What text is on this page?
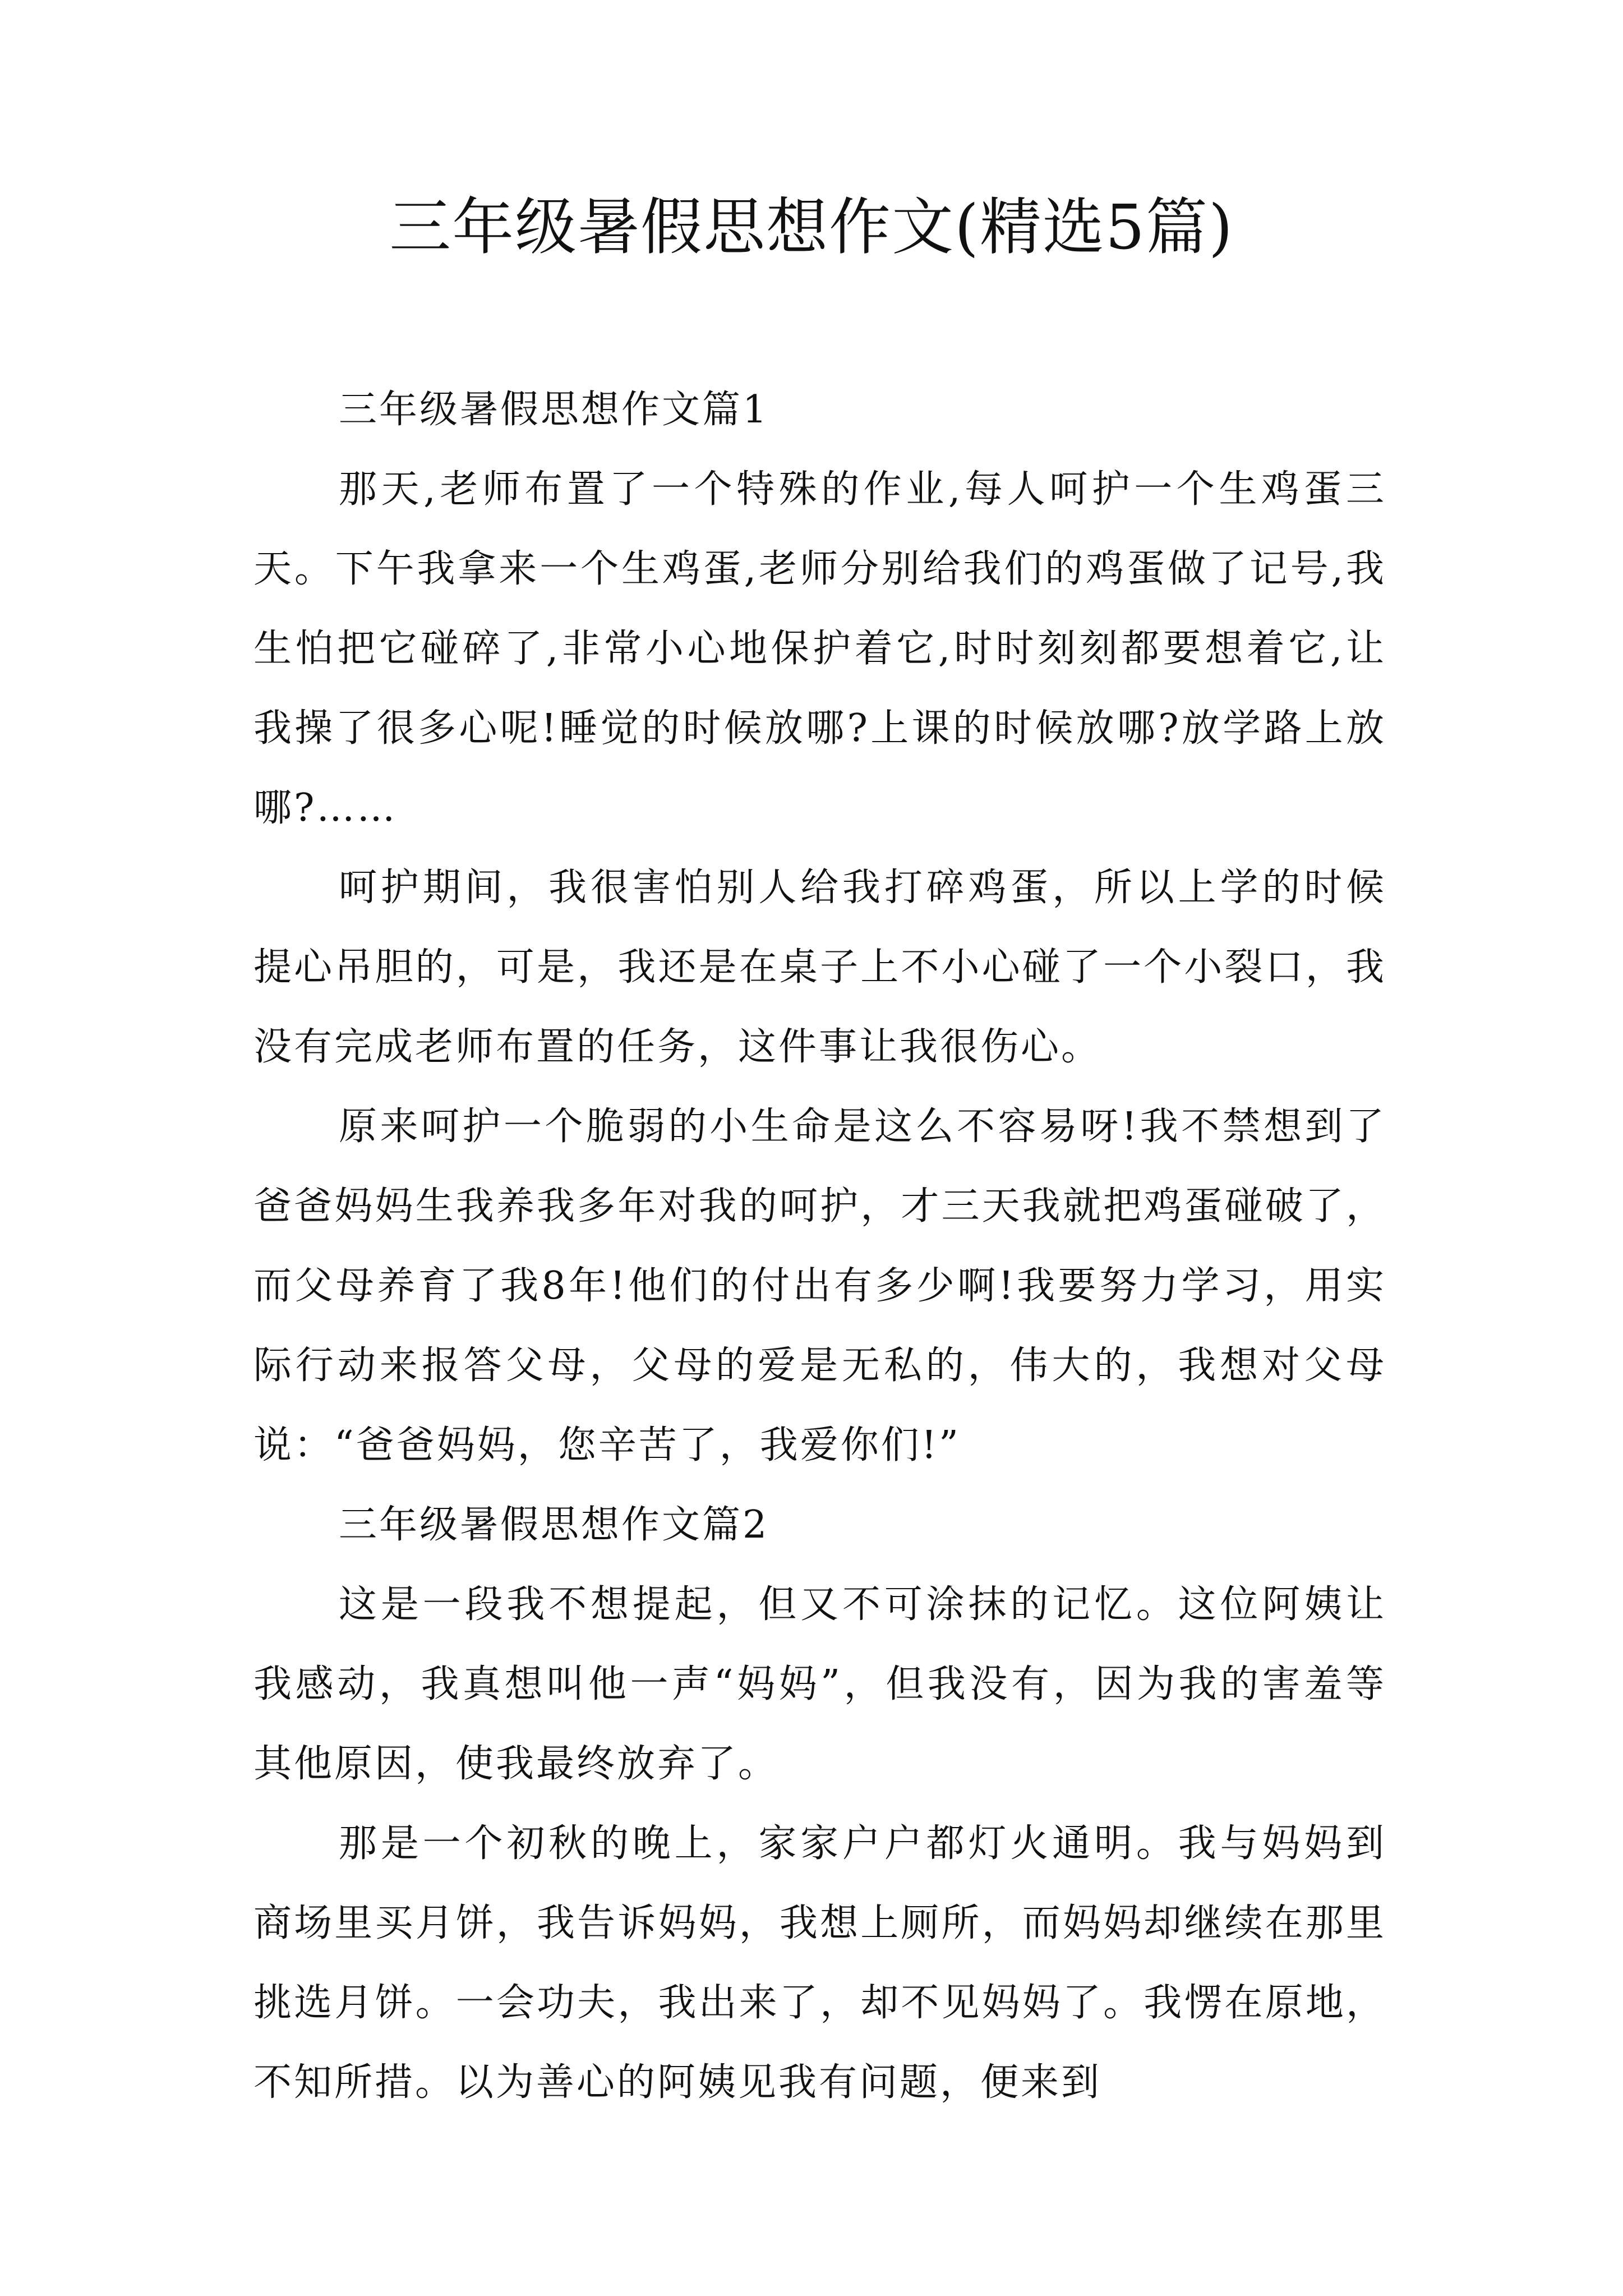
三年级暑假思想作文(精选5篇)

三年级暑假思想作文篇1

那天,老师布置了一个特殊的作业,每人呵护一个生鸡蛋三天。下午我拿来一个生鸡蛋,老师分别给我们的鸡蛋做了记号,我生怕把它碰碎了,非常小心地保护着它,时时刻刻都要想着它,让我操了很多心呢!睡觉的时候放哪?上课的时候放哪?放学路上放哪?……

呵护期间，我很害怕别人给我打碎鸡蛋，所以上学的时候提心吊胆的，可是，我还是在桌子上不小心碰了一个小裂口，我没有完成老师布置的任务，这件事让我很伤心。

原来呵护一个脆弱的小生命是这么不容易呀!我不禁想到了爸爸妈妈生我养我多年对我的呵护，才三天我就把鸡蛋碰破了，而父母养育了我8年!他们的付出有多少啊!我要努力学习，用实际行动来报答父母，父母的爱是无私的，伟大的，我想对父母说：“爸爸妈妈，您辛苦了，我爱你们!”

三年级暑假思想作文篇2

这是一段我不想提起，但又不可涂抹的记忆。这位阿姨让我感动，我真想叫他一声“妈妈”，但我没有，因为我的害羞等其他原因，使我最终放弃了。

那是一个初秋的晚上，家家户户都灯火通明。我与妈妈到商场里买月饼，我告诉妈妈，我想上厕所，而妈妈却继续在那里挑选月饼。一会功夫，我出来了，却不见妈妈了。我愣在原地，不知所措。以为善心的阿姨见我有问题，便来到
